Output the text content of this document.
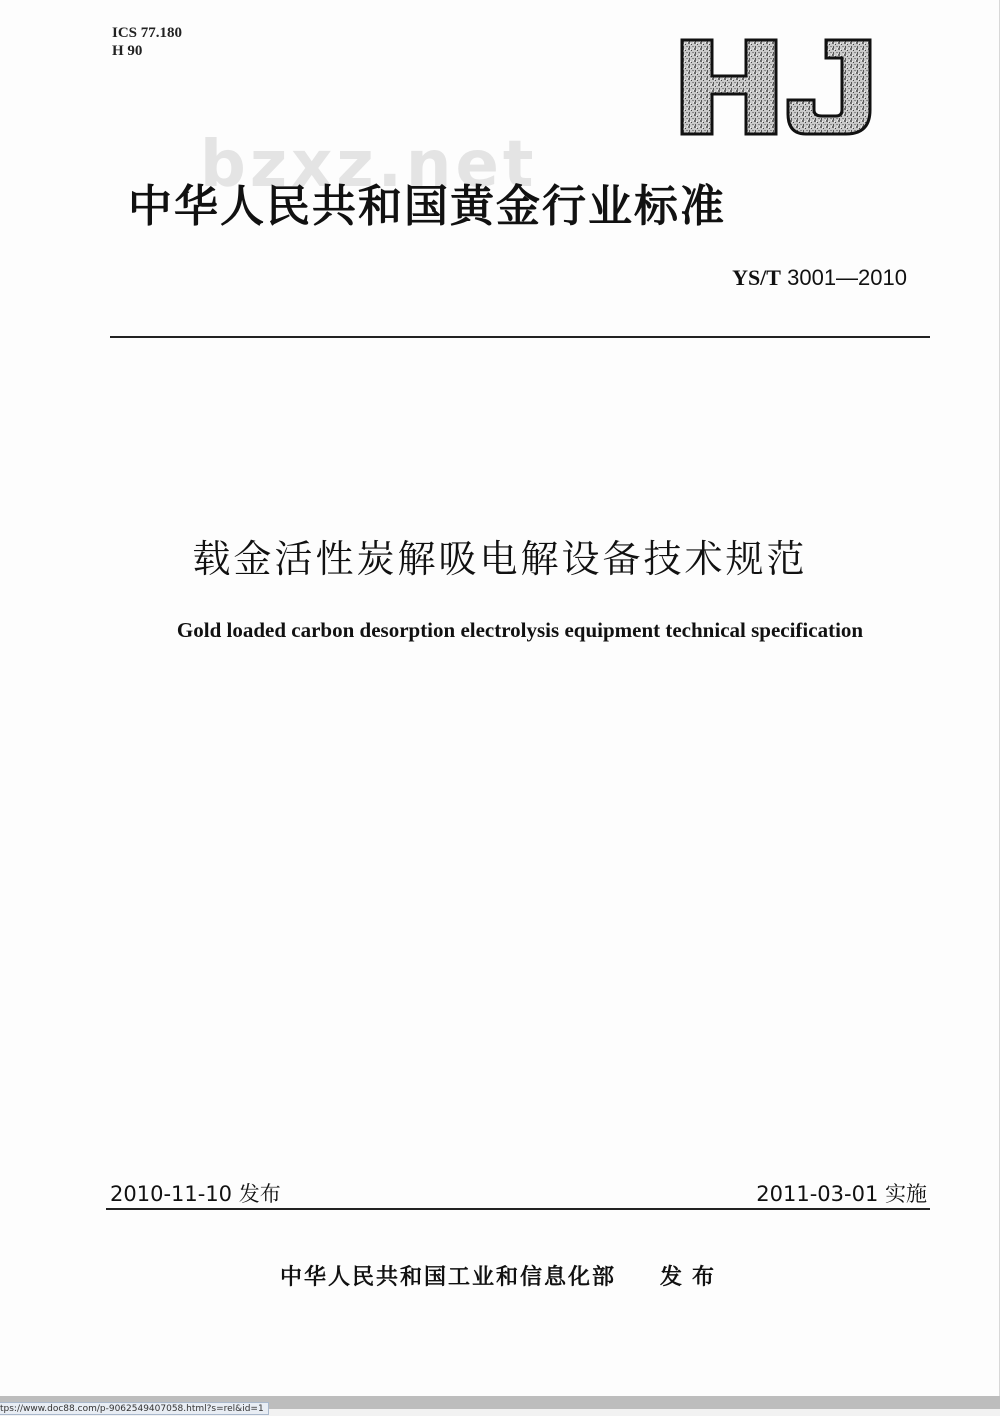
ICS 77.180
H 90
bzxz.net
中华人民共和国黄金行业标准
YS/T 3001—2010
载金活性炭解吸电解设备技术规范
Gold loaded carbon desorption electrolysis equipment technical specification
2010-11-10 发布	2011-03-01 实施
中华人民共和国工业和信息化部 发布
tps://www.doc88.com/p-9062549407058.html?s=rel&id=1
